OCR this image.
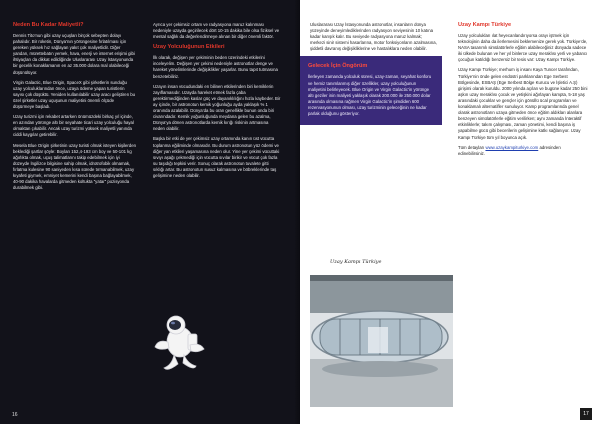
Neden Bu Kadar Maliyetli?

Dennis Tito’nun gibi uzay uçuşları birçok sebepten dolayı pahalıdır. Bir roketin, Dünya’nın yörüngesine fırlatılması için gereken yüksek hız sağlayan yakıt çok maliyetlidir. Diğer yandan, mürettebatın yemek, hava, enerji ve internet erişimi gibi ihtiyaçları da dikkat edildiğinde Uluslararası Uzay İstasyonunda bir gecelik konaklamanın en az 35.000 dolara mal olabileceği düşünülüyor.

Virgin Galactic, Blue Origin, SpaceX gibi şirketlerin sunduğu uzay yolculuklarından önce, uzaya ödeme yapan turistlerin sayısı çok düşüktü. Yeniden kullanılabilir uzay aracı geliştiren bu özel şirketler uzay uçuşunun maliyetini önemli ölçüde düşürmeye başladı.

Uzay turizmi için rekabet artarken önümüzdeki birkaç yıl içinde, en azından yörünge altı bir seyahate ticari uzay yolculuğu hayal olmaktan çıkabilir. Ancak uzay turizmi yüksek maliyetli yanında ciddi kaygılar getirebilir.

Mesela Blue Origin şirketinin uzay turisti olmak isteyen kişilerden beklediği şartlar şöyle: Boyları 152,4-193 cm boy ve 50-101 kg ağırlıkta olmak, uçuş talimatlarını takip edebilmek için iyi düzeyde İngilizce bilgisine sahip olmak, idrotrofobik olmamak, fırlatma kulesine 90 saniyeden kısa sürede tırmanabilmek, uzay kıyafeti giymek, emniyet kemerini kendi başına bağlayabilmek, 40-90 dakika havalarda gitmeden koltukta “yatar” pozisyonda durabilmek gibi.

Ayrıca yer çekimsiz ortam ve radyasyona maruz kalınması nedeniyle uzayda geçirilecek dört 10-15 dakika bile olsa fiziksel ve mental sağlık da değerlendirmeye alınan bir diğer önemli faktör.

Uzay Yolculuğunun Etkileri

İlk olarak, değişen yer çekiminin beden üzerindeki etkilerini inceleyelim. Değişen yer çekimi nedeniyle astronotlar denge ve hareket yönelimlerinde değişiklikler yaşarlar. Bunu tapıt tutmasına benzetebiliriz.

Uzayın insan vücudundaki en bilinen etkilerinden biri kemiklerin zayıflamasıdır. Uzayda hareket etmek fazla çaba gerektirmediğinden kaslar güç ve dayanıklılığını hızla kaybeder. Bir ay içinde, bir astronotun kemik yoğunluğu ayda yaklaşık % 1 oranında azalabilir. Dünya’da bu oran genellikle bunun onda biri civarındadır. Kemik yoğunluğunda meydana gelen bu azalma, Dünya’ya dönen astronotlarda kemik kırığı riskinin artmasına neden olabilir.

Başka bir etki de yer çekimsiz uzay ortamında kanın üst vücutta toplanma eğiliminde olmasıdır. Bu durum astronotun yüz ödemi ve diğer yan etkileri yaşamasına neden olur. Yine yer çekimi vücuttaki sıvıyı aşağı çekmediği için vücutta sıvılar birikir ve vücut çok fazla su taşıdığı tepkisi verir. Sonuç olarak astronotun tuvalete gitti sıklığı artar. Bu astronotun susuz kalmasına ve böbreklerinde taş gelişimine neden olabilir.

16

Uluslararası Uzay İstasyonunda astronotlar, insanların dünya yüzeyinde deneyimlediklerinden radyasyon seviyesinin 10 katına kadar karışık kalır. Bu seviyede radyasyona maruz kalmak; merkezi sinir sistemi hasarlarına, motor fonksiyonların azalmasına, şiddetli davranış değişikliklerine ve hastalıklara neden olabilir.

Gelecek İçin Öngörüm

İlerleyen zamanda yolculuk süresi, uzay-zaman, seyahat konforu ve hemiz tanımlanmış diğer özellikler, uzay yolculuğunun maliyetini belirleyecek. Blue Origin ve Virgin Galactic’in yörünge altı geziler inin maliyeti yaklaşık olarak 200.000 ile 250.000 dolar arasında olmasına rağmen Virgin Galactic’in şimdiden 600 rezervasyonunun olması, uzay turizminin geleceğinin ne kadar parlak olduğunu gösteriyor.

Uzay Kampı Türkiye
Uzay Kampı Türkiye

Uzay yolculukları ılat heyecanlandırıyorsa orayı iştmek için teknolojinin daha da ilerlemesini beklemenize gerek yok. Türkiye’de, NASA tasarımlı simülatörlerle eğitim alabileceğiniz dünyada sadece iki ülkede bulunan ve her yıl binlerce uzay meraklısı yerli ve yabancı çocuğun katıldığı benzersiz bir tesis var: Uzay Kampı Türkiye.

Uzay Kampı Türkiye; merhum iş insanı Kaya Tuncer tarafından, Türkiye’nin önde gelen endüstri parklarından Ege Serbest Bölgesinde, ESBAŞ (Ege Serbest Bölge Kurucu ve İşletici A.Ş) girişimi olarak kuruldu. 2000 yılında açılan ve bugüne kadar 250 bini aşkın uzay meraklısı çocuk ve yetişkini ağırlayan kampta, 5-18 yaş arasındaki çocuklar ve gençler için gönüllü ücal programları ve konaklamalı alternatifler sunuluyor. Kamp programlarında genel olarak astronotların uzaya gitmeden önce eğitim aldıkları alanlara benzeyen simülatörlerle eğitim verilirken; aynı zamanda İnteraktif etkinliklerle; takım çalışması, zaman yönetimi, kendi başına iş yapabilme gücü gibi becerilerin gelişimine katkı sağlanıyor. Uzay Kampı Türkiye tüm yıl boyunca açık.

Tüm detayları www.uzaykampiturkiye.com adresinden edinebilirsiniz.

17
